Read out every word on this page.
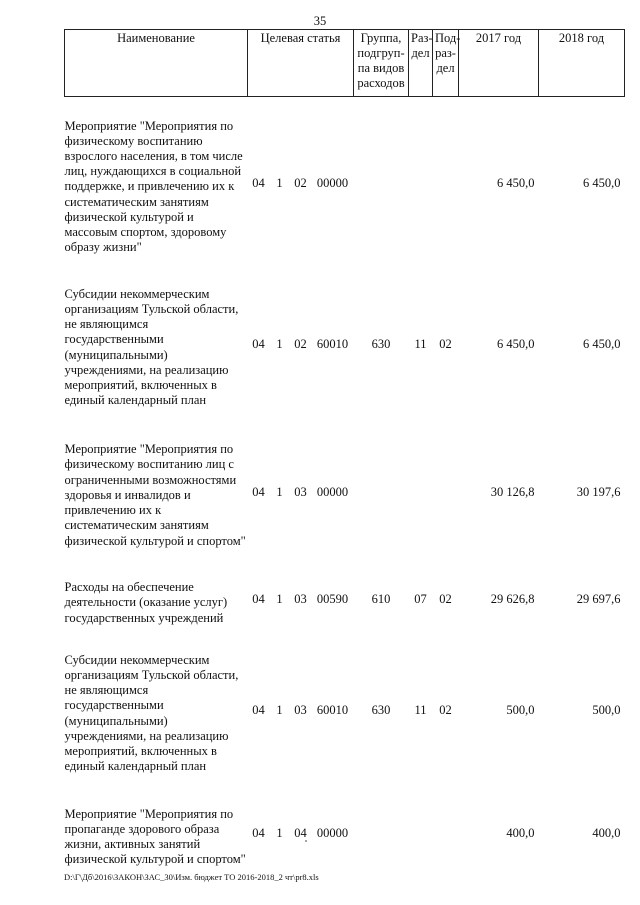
35
Наименование	Целевая статья				Группа, подгруп-па видов расходов	Раз-дел	Под-раз-дел	2017 год	2018 год
Мероприятие "Мероприятия по физическому воспитанию взрослого населения, в том числе лиц, нуждающихся в социальной поддержке, и привлечению их к систематическим занятиям физической культурой и массовым спортом, здоровому образу жизни"	04	1	02	00000				6 450,0	6 450,0
Субсидии некоммерческим организациям Тульской области, не являющимся государственными (муниципальными) учреждениями, на реализацию мероприятий, включенных в единый календарный план	04	1	02	60010	630	11	02	6 450,0	6 450,0
Мероприятие "Мероприятия по физическому воспитанию лиц с ограниченными возможностями здоровья и инвалидов и привлечению их к систематическим занятиям физической культурой и спортом"	04	1	03	00000				30 126,8	30 197,6
Расходы на обеспечение деятельности (оказание услуг) государственных учреждений	04	1	03	00590	610	07	02	29 626,8	29 697,6
Субсидии некоммерческим организациям Тульской области, не являющимся государственными (муниципальными) учреждениями, на реализацию мероприятий, включенных в единый календарный план	04	1	03	60010	630	11	02	500,0	500,0
Мероприятие "Мероприятия по пропаганде здорового образа жизни, активных занятий физической культурой и спортом"	04	1	04	00000				400,0	400,0
D:\Г\Дб\2016\ЗАКОН\ЗАС_30\Изм. бюджет ТО 2016-2018_2 чт\pr8.xls
